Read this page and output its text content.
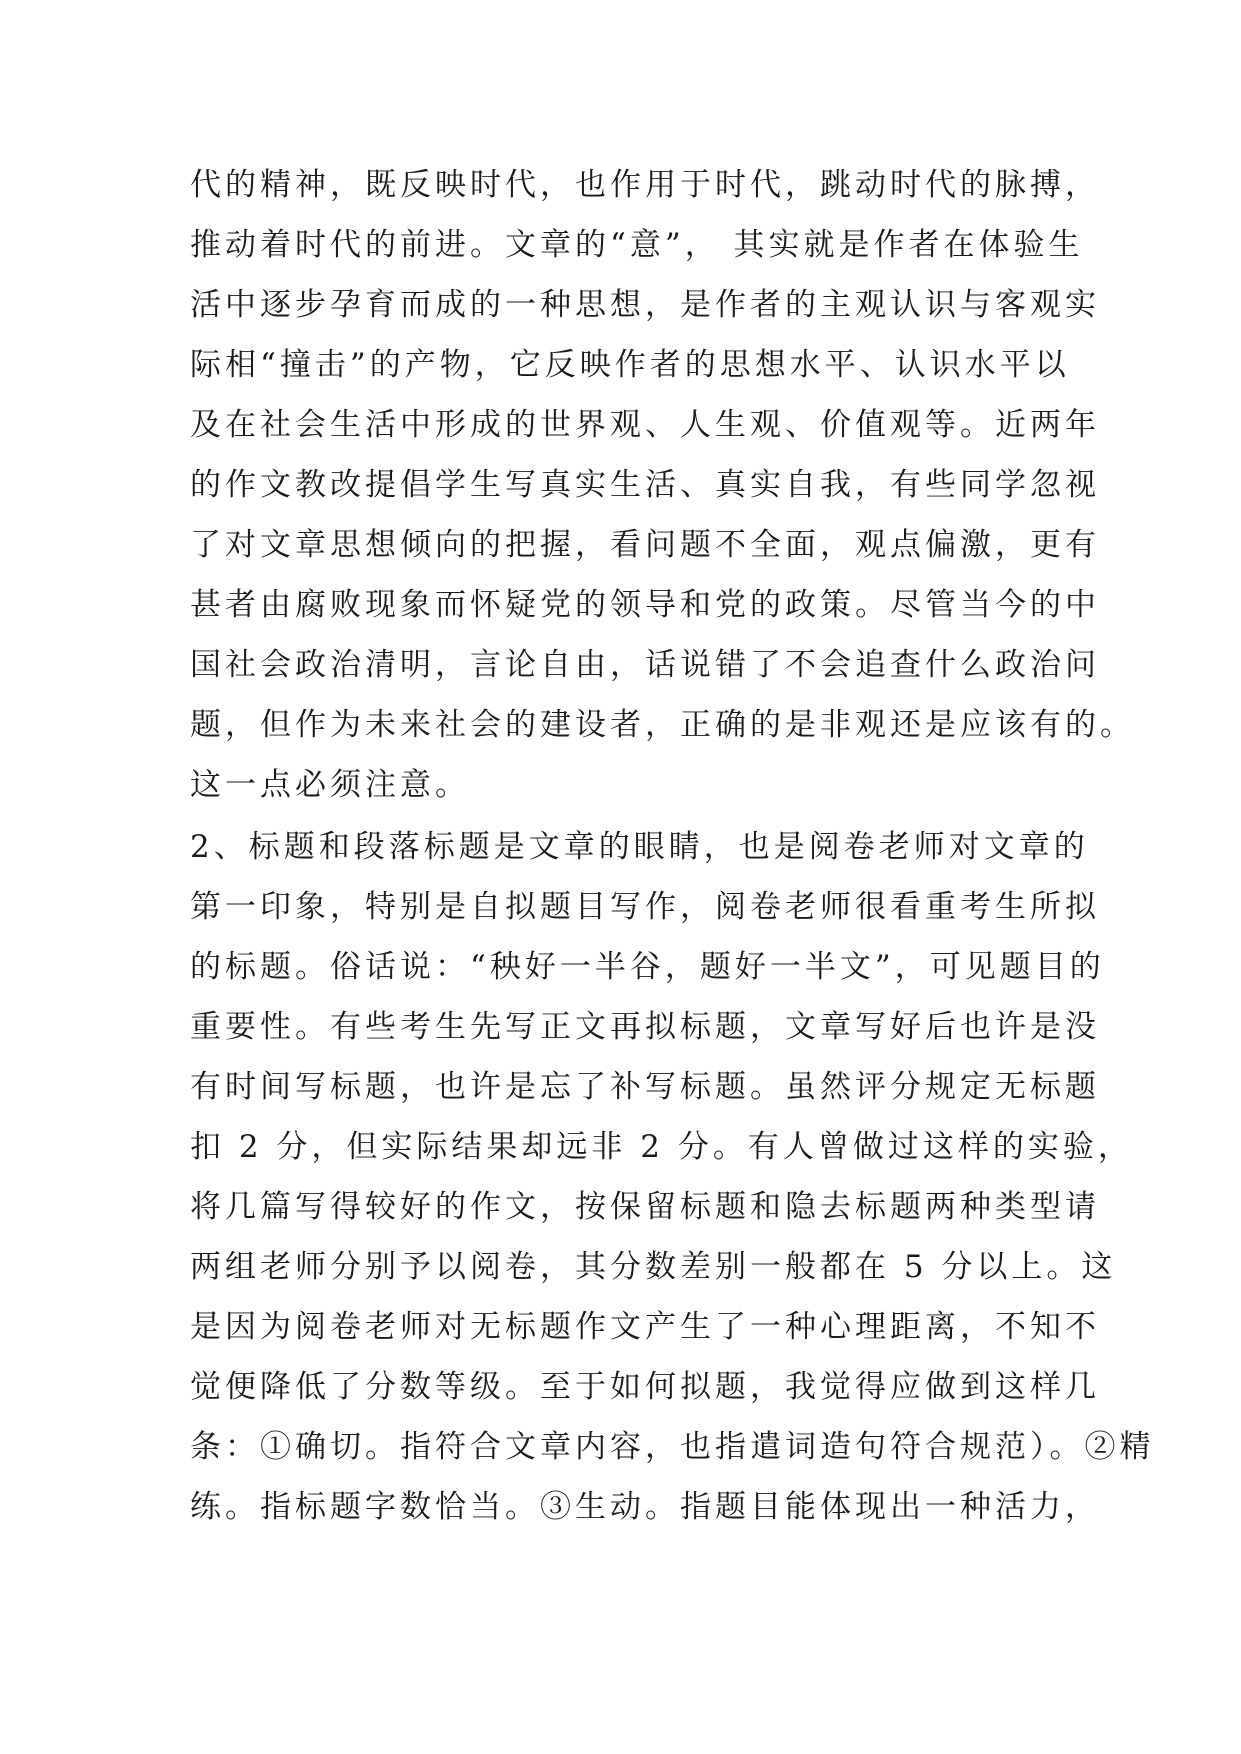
代的精神，既反映时代，也作用于时代，跳动时代的脉搏，
推动着时代的前进。文章的“意”， 其实就是作者在体验生
活中逐步孕育而成的一种思想，是作者的主观认识与客观实
际相“撞击”的产物，它反映作者的思想水平、认识水平以
及在社会生活中形成的世界观、人生观、价值观等。近两年
的作文教改提倡学生写真实生活、真实自我，有些同学忽视
了对文章思想倾向的把握，看问题不全面，观点偏激，更有
甚者由腐败现象而怀疑党的领导和党的政策。尽管当今的中
国社会政治清明，言论自由，话说错了不会追查什么政治问
题，但作为未来社会的建设者，正确的是非观还是应该有的。
这一点必须注意。
2、标题和段落标题是文章的眼睛，也是阅卷老师对文章的
第一印象，特别是自拟题目写作，阅卷老师很看重考生所拟
的标题。俗话说：“秧好一半谷，题好一半文”，可见题目的
重要性。有些考生先写正文再拟标题，文章写好后也许是没
有时间写标题，也许是忘了补写标题。虽然评分规定无标题
扣 2 分，但实际结果却远非 2 分。有人曾做过这样的实验，
将几篇写得较好的作文，按保留标题和隐去标题两种类型请
两组老师分别予以阅卷，其分数差别一般都在 5 分以上。这
是因为阅卷老师对无标题作文产生了一种心理距离，不知不
觉便降低了分数等级。至于如何拟题，我觉得应做到这样几
条：①确切。指符合文章内容，也指遣词造句符合规范）。②精
练。指标题字数恰当。③生动。指题目能体现出一种活力，
